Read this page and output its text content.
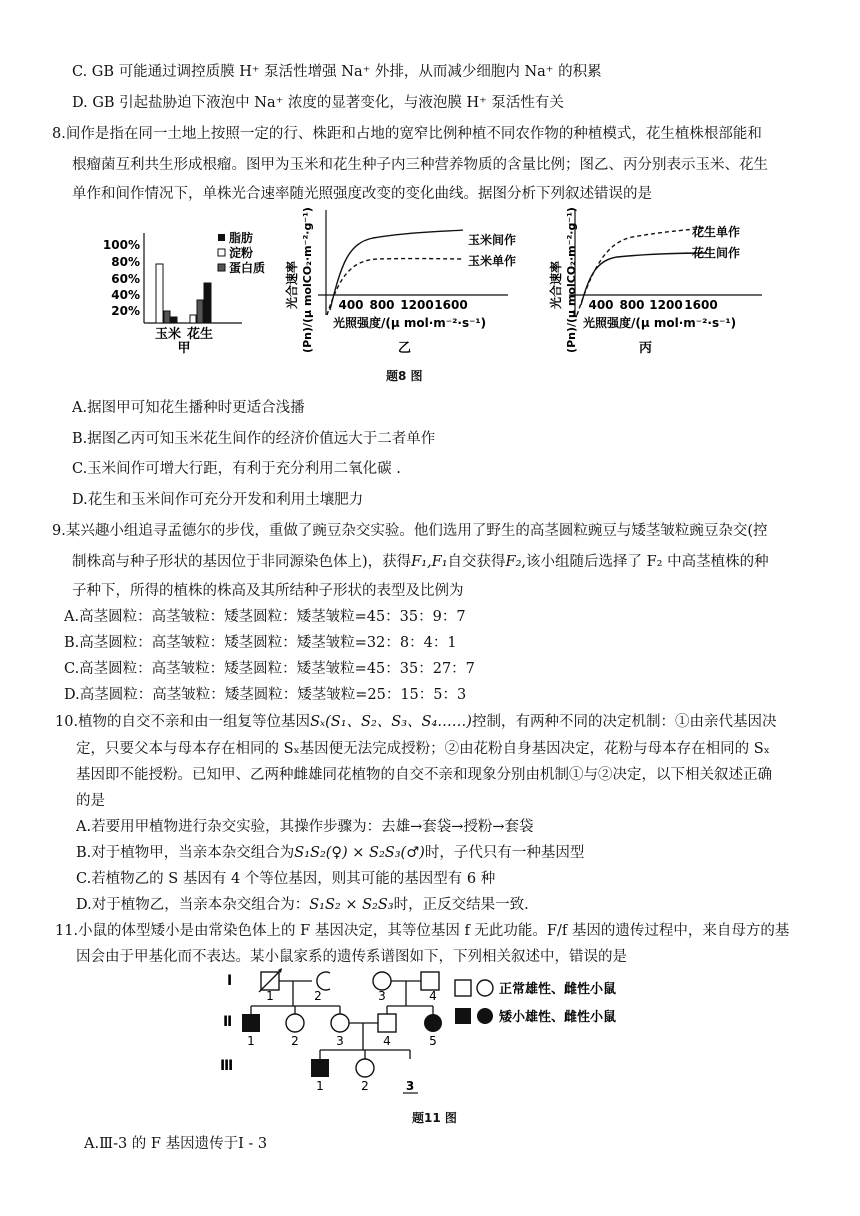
C. GB 可能通过调控质膜 H⁺ 泵活性增强 Na⁺ 外排，从而减少细胞内 Na⁺ 的积累
D. GB 引起盐胁迫下液泡中 Na⁺ 浓度的显著变化，与液泡膜 H⁺ 泵活性有关
8.间作是指在同一土地上按照一定的行、株距和占地的宽窄比例种植不同农作物的种植模式，花生植株根部能和
根瘤菌互利共生形成根瘤。图甲为玉米和花生种子内三种营养物质的含量比例；图乙、丙分别表示玉米、花生
单作和间作情况下，单株光合速率随光照强度改变的变化曲线。据图分析下列叙述错误的是
100%
80%
60%
40%
20%
玉米 花生
甲
脂肪
淀粉
蛋白质 光合速率 (Pn)/(μ molCO₂·m⁻²·g⁻¹)	玉米间作
玉米单作
400 800 1200 1600
光照强度/(μ mol·m⁻²·s⁻¹)
乙
光合速率 (Pn)/(μ molCO₂·m⁻²·g⁻¹)	花生单作
花生间作
400 800 1200 1600
光照强度/(μ mol·m⁻²·s⁻¹)
丙
题8 图
A.据图甲可知花生播种时更适合浅播
B.据图乙丙可知玉米花生间作的经济价值远大于二者单作
C.玉米间作可增大行距，有利于充分利用二氧化碳 .
D.花生和玉米间作可充分开发和利用土壤肥力
9.某兴趣小组追寻孟德尔的步伐，重做了豌豆杂交实验。他们选用了野生的高茎圆粒豌豆与矮茎皱粒豌豆杂交(控
制株高与种子形状的基因位于非同源染色体上)，获得F₁,F₁自交获得F₂,该小组随后选择了 F₂ 中高茎植株的种
子种下，所得的植株的株高及其所结种子形状的表型及比例为
A.高茎圆粒：高茎皱粒：矮茎圆粒：矮茎皱粒=45：35：9：7
B.高茎圆粒：高茎皱粒：矮茎圆粒：矮茎皱粒=32：8：4：1
C.高茎圆粒：高茎皱粒：矮茎圆粒：矮茎皱粒=45：35：27：7
D.高茎圆粒：高茎皱粒：矮茎圆粒：矮茎皱粒=25：15：5：3
10.植物的自交不亲和由一组复等位基因Sₓ(S₁、S₂、S₃、S₄……)控制，有两种不同的决定机制：①由亲代基因决
定，只要父本与母本存在相同的 Sₓ基因便无法完成授粉；②由花粉自身基因决定，花粉与母本存在相同的 Sₓ
基因即不能授粉。已知甲、乙两种雌雄同花植物的自交不亲和现象分别由机制①与②决定，以下相关叙述正确
的是
A.若要用甲植物进行杂交实验，其操作步骤为：去雄→套袋→授粉→套袋
B.对于植物甲，当亲本杂交组合为S₁S₂(♀) × S₂S₃(♂)时，子代只有一种基因型
C.若植物乙的 S 基因有 4 个等位基因，则其可能的基因型有 6 种
D.对于植物乙，当亲本杂交组合为：S₁S₂ × S₂S₃时，正反交结果一致.
11.小鼠的体型矮小是由常染色体上的 F 基因决定，其等位基因 f 无此功能。F/f 基因的遗传过程中，来自母方的基
因会由于甲基化而不表达。某小鼠家系的遗传系谱图如下，下列相关叙述中，错误的是
Ⅰ
Ⅱ
Ⅲ
1	2	3	4
1	2	3	4	5
1	2	3
正常雄性、雌性小鼠
矮小雄性、雌性小鼠
题11 图
A.Ⅲ-3 的 F 基因遗传于Ⅰ - 3
